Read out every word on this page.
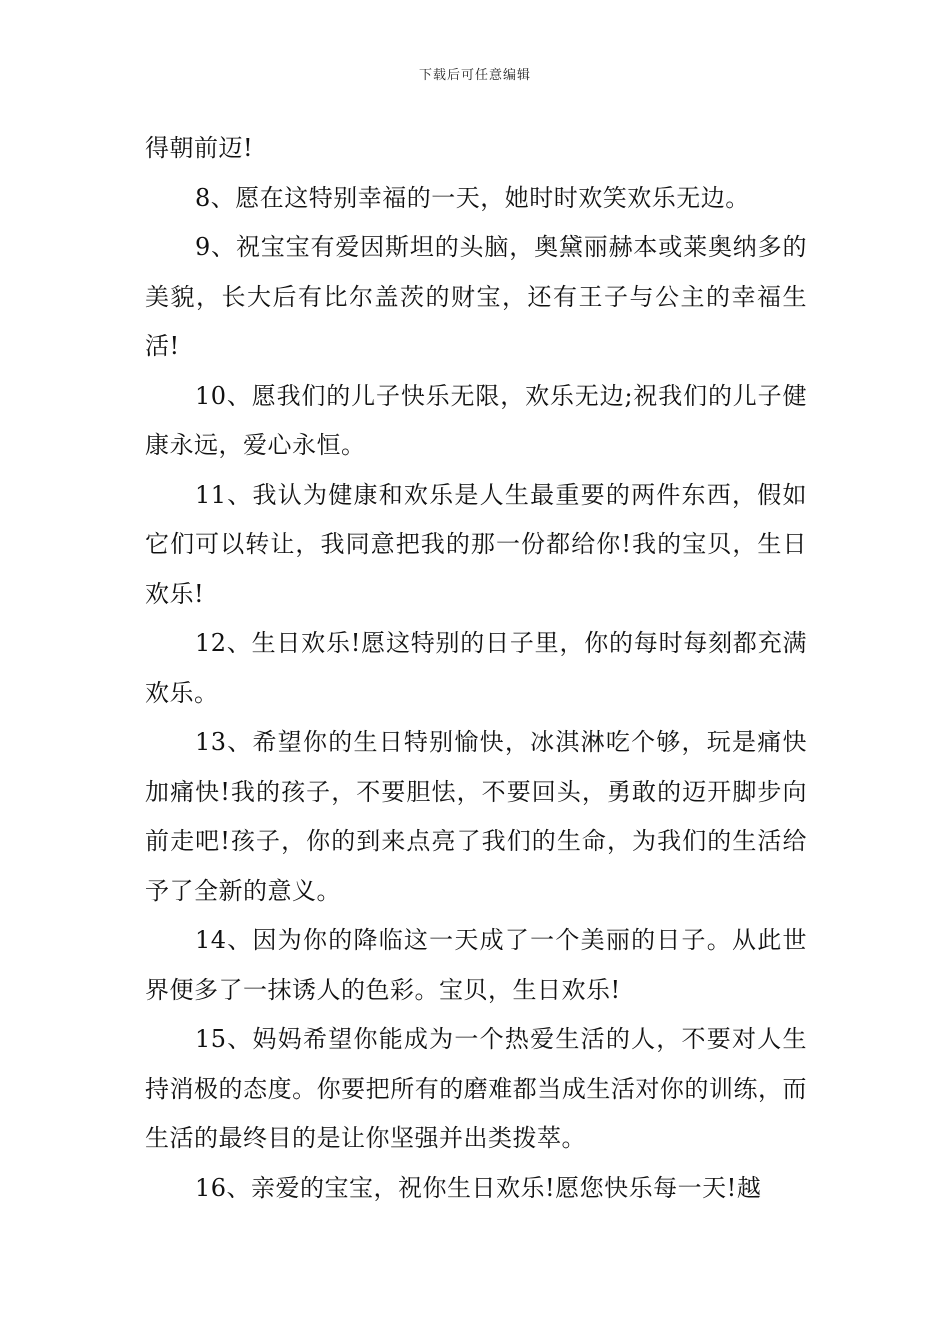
下载后可任意编辑

得朝前迈!

8、愿在这特别幸福的一天，她时时欢笑欢乐无边。

9、祝宝宝有爱因斯坦的头脑，奥黛丽赫本或莱奥纳多的美貌，长大后有比尔盖茨的财宝，还有王子与公主的幸福生活!

10、愿我们的儿子快乐无限，欢乐无边;祝我们的儿子健康永远，爱心永恒。

11、我认为健康和欢乐是人生最重要的两件东西，假如它们可以转让，我同意把我的那一份都给你!我的宝贝，生日欢乐!

12、生日欢乐!愿这特别的日子里，你的每时每刻都充满欢乐。

13、希望你的生日特别愉快，冰淇淋吃个够，玩是痛快加痛快!我的孩子，不要胆怯，不要回头，勇敢的迈开脚步向前走吧!孩子，你的到来点亮了我们的生命，为我们的生活给予了全新的意义。

14、因为你的降临这一天成了一个美丽的日子。从此世界便多了一抹诱人的色彩。宝贝，生日欢乐!

15、妈妈希望你能成为一个热爱生活的人，不要对人生持消极的态度。你要把所有的磨难都当成生活对你的训练，而生活的最终目的是让你坚强并出类拨萃。

16、亲爱的宝宝，祝你生日欢乐!愿您快乐每一天!越
